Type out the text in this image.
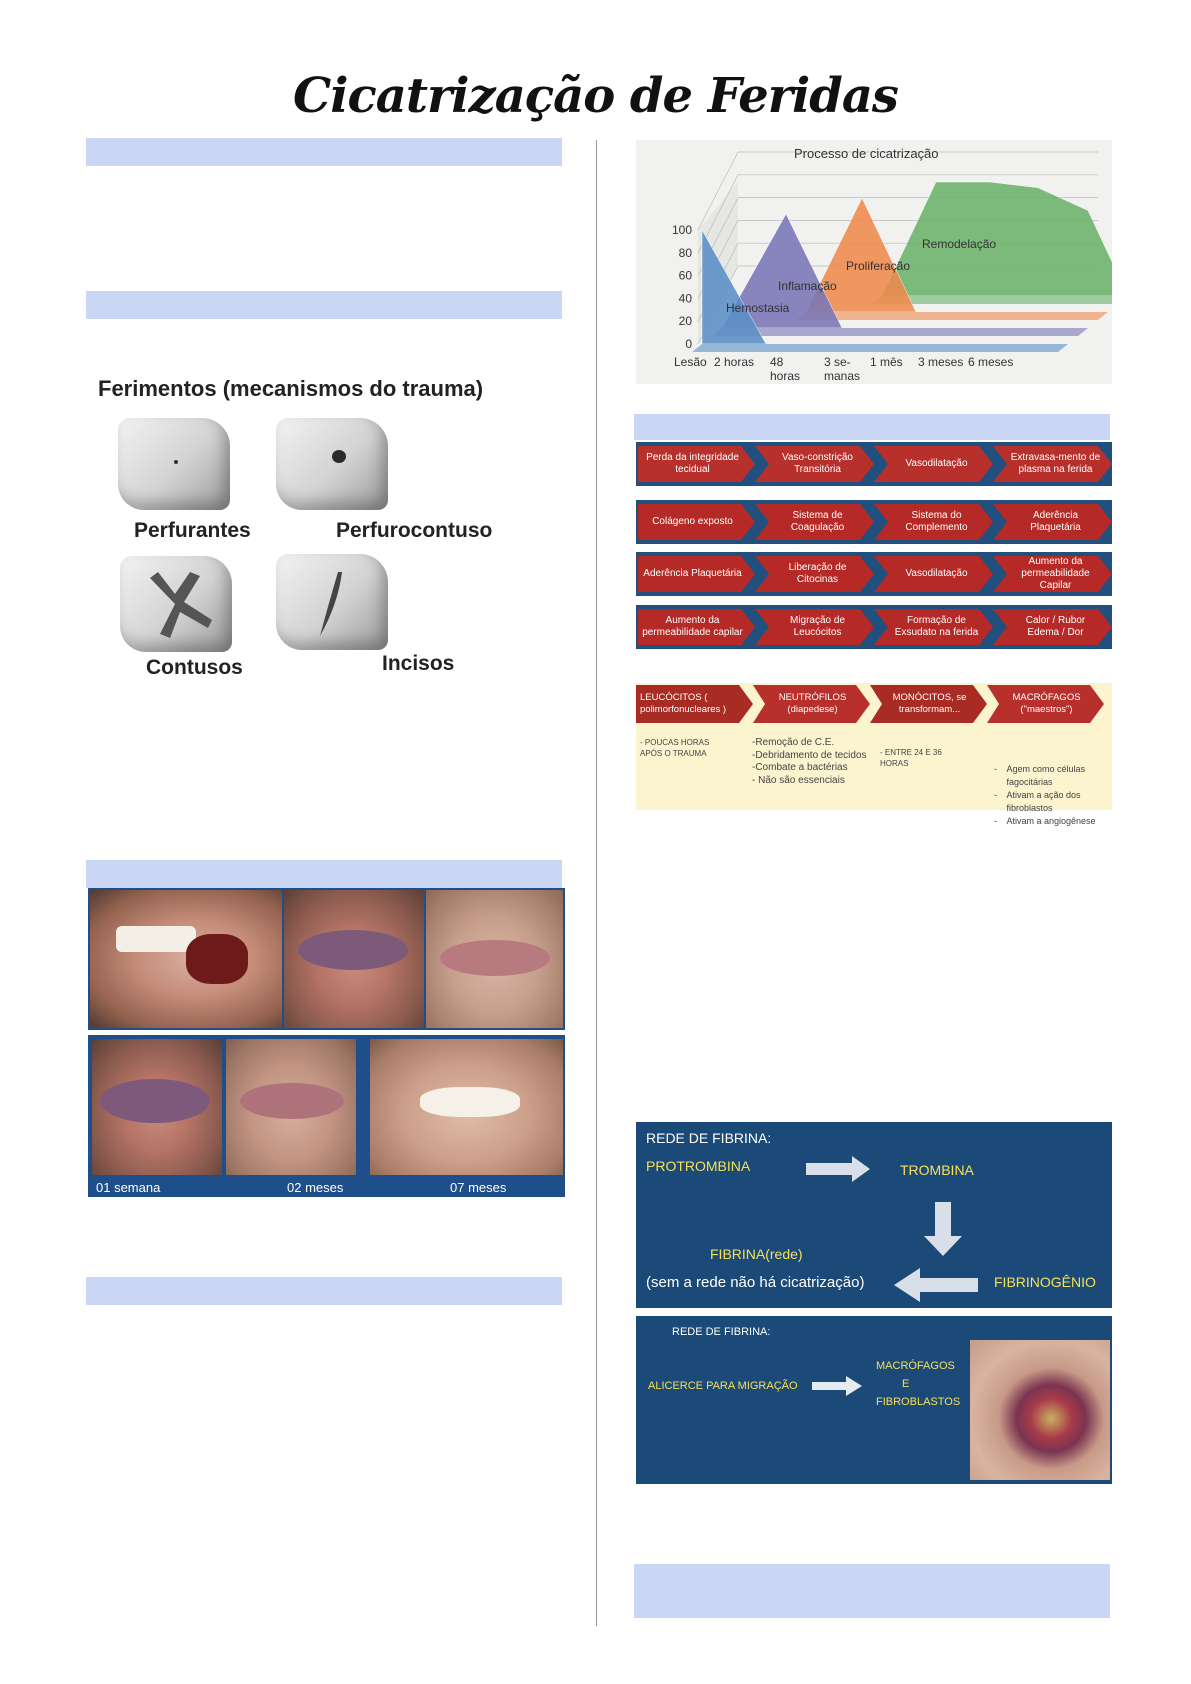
Cicatrização de Feridas
Ferimentos (mecanismos do trauma)
Perfurantes	Perfurocontuso
Contusos	Incisos
01 semana	02 meses	07 meses
Remodelação
Proliferação
Inflamação
Hemostasia
0
20
40
60
80
100
Lesão 2 horas 48
horas
3 se-
manas
1 mês 3 meses 6 meses
Processo de cicatrização
Perda da integridade tecidual
Vaso-constrição Transitória
Vasodilatação
Extravasa-mento de plasma na ferida
Colágeno exposto
Sistema de Coagulação
Sistema do Complemento
Aderência Plaquetária
Aderência Plaquetária
Liberação de Citocinas
Vasodilatação
Aumento da permeabilidade Capilar
Aumento da permeabilidade capilar
Migração de Leucócitos
Formação de Exsudato na ferida
Calor / Rubor Edema / Dor
LEUCÓCITOS ( polimorfonucleares )
NEUTRÓFILOS (diapedese)
MONÓCITOS, se transformam...
MACRÓFAGOS ("maestros")
- POUCAS HORAS
APÓS O TRAUMA
-Remoção de C.E.
-Debridamento de tecidos
-Combate a bactérias
- Não são essenciais
- ENTRE 24 E 36
HORAS

-    Agem como células
fagocitárias
-    Ativam a ação dos
fibroblastos
-    Ativam a angiogênese

REDE DE FIBRINA:
PROTROMBINA	TROMBINA
FIBRINA(rede)
(sem a rede não há cicatrização)	FIBRINOGÊNIO
REDE DE FIBRINA:
ALICERCE PARA MIGRAÇÃO
MACRÓFAGOS
E
FIBROBLASTOS
